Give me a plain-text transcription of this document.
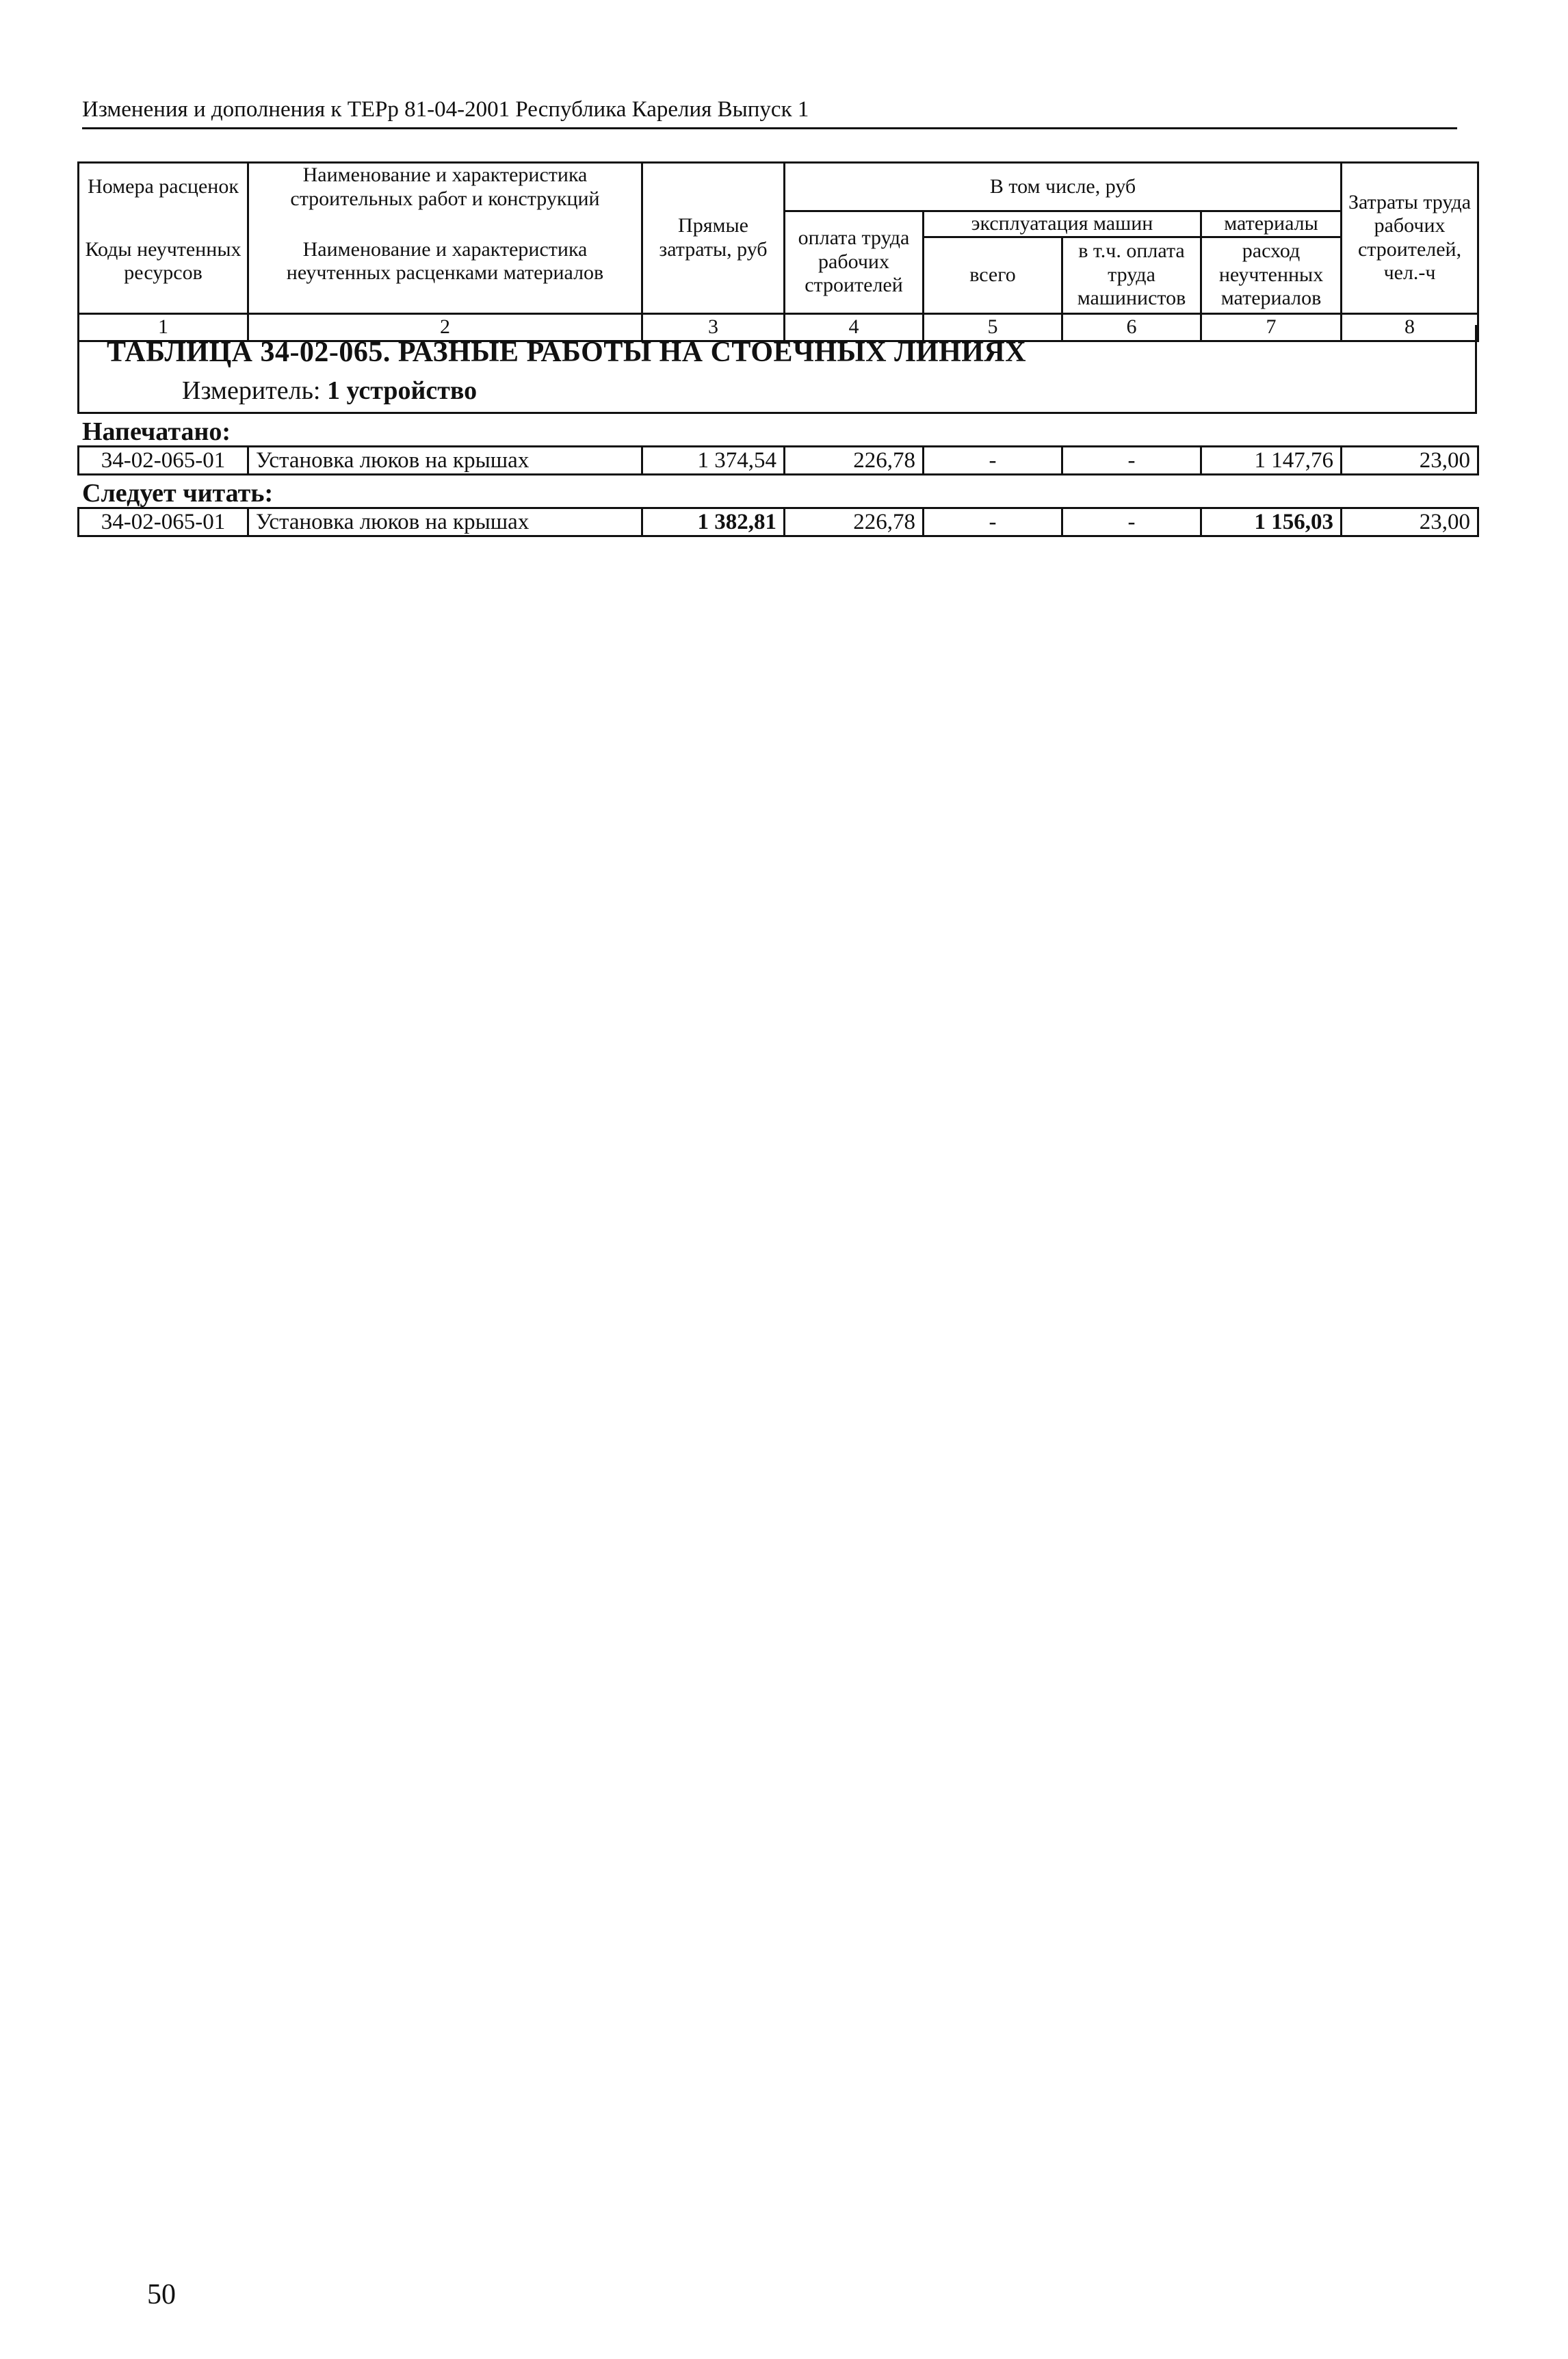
Изменения и дополнения к ТЕРр 81-04-2001 Республика Карелия Выпуск 1
Номера расценок	Наименование и характеристика строительных работ и конструкций	Прямые затраты, руб	В том числе, руб				Затраты труда рабочих строителей, чел.-ч
Коды неучтенных ресурсов	Наименование и характеристика неучтенных расценками материалов		оплата труда рабочих строителей	эксплуатация машин		материалы	
				всего	в т.ч. оплата труда машинистов	расход неучтенных материалов	
1	2	3	4	5	6	7	8
ТАБЛИЦА 34-02-065. РАЗНЫЕ РАБОТЫ НА СТОЕЧНЫХ ЛИНИЯХ
Измеритель: 1 устройство
Напечатано:
34-02-065-01	Установка люков на крышах	1 374,54	226,78	-	-	1 147,76	23,00
Следует читать:
34-02-065-01	Установка люков на крышах	1 382,81	226,78	-	-	1 156,03	23,00
50
